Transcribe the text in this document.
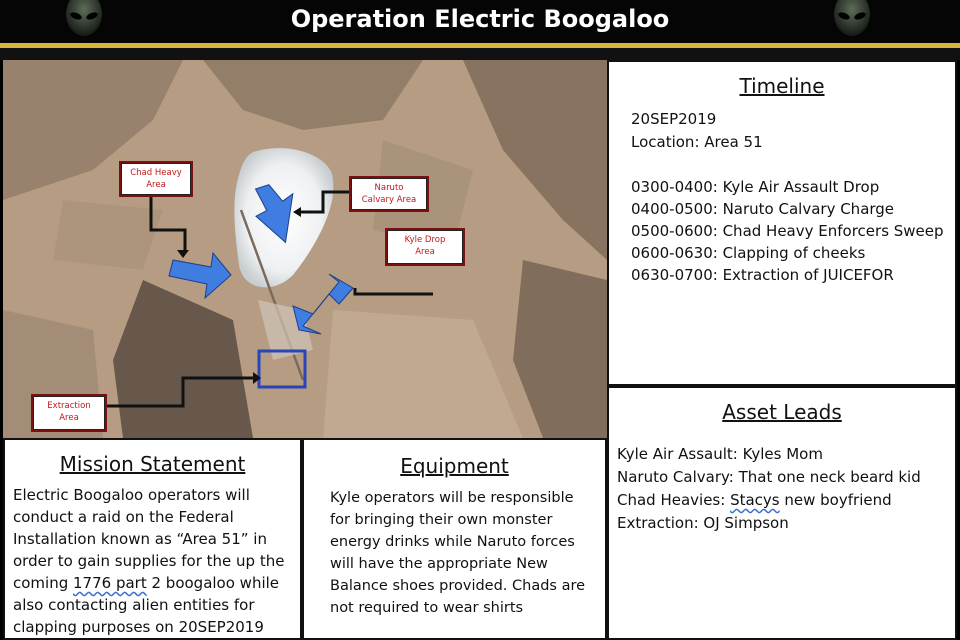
Operation Electric Boogaloo
Chad Heavy
Area	Naruto
Calvary Area
Kyle Drop
Area
Extraction
Area
Timeline
20SEP2019
Location: Area 51
0300-0400: Kyle Air Assault Drop
0400-0500: Naruto Calvary Charge
0500-0600: Chad Heavy Enforcers Sweep
0600-0630: Clapping of cheeks
0630-0700: Extraction of JUICEFOR
Asset Leads
Kyle Air Assault: Kyles Mom
Naruto Calvary: That one neck beard kid
Chad Heavies: Stacys new boyfriend
Extraction: OJ Simpson
Mission Statement
Electric Boogaloo operators will
conduct a raid on the Federal
Installation known as “Area 51” in
order to gain supplies for the up the
coming 1776 part 2 boogaloo while
also contacting alien entities for
clapping purposes on 20SEP2019
Equipment
Kyle operators will be responsible
for bringing their own monster
energy drinks while Naruto forces
will have the appropriate New
Balance shoes provided. Chads are
not required to wear shirts
